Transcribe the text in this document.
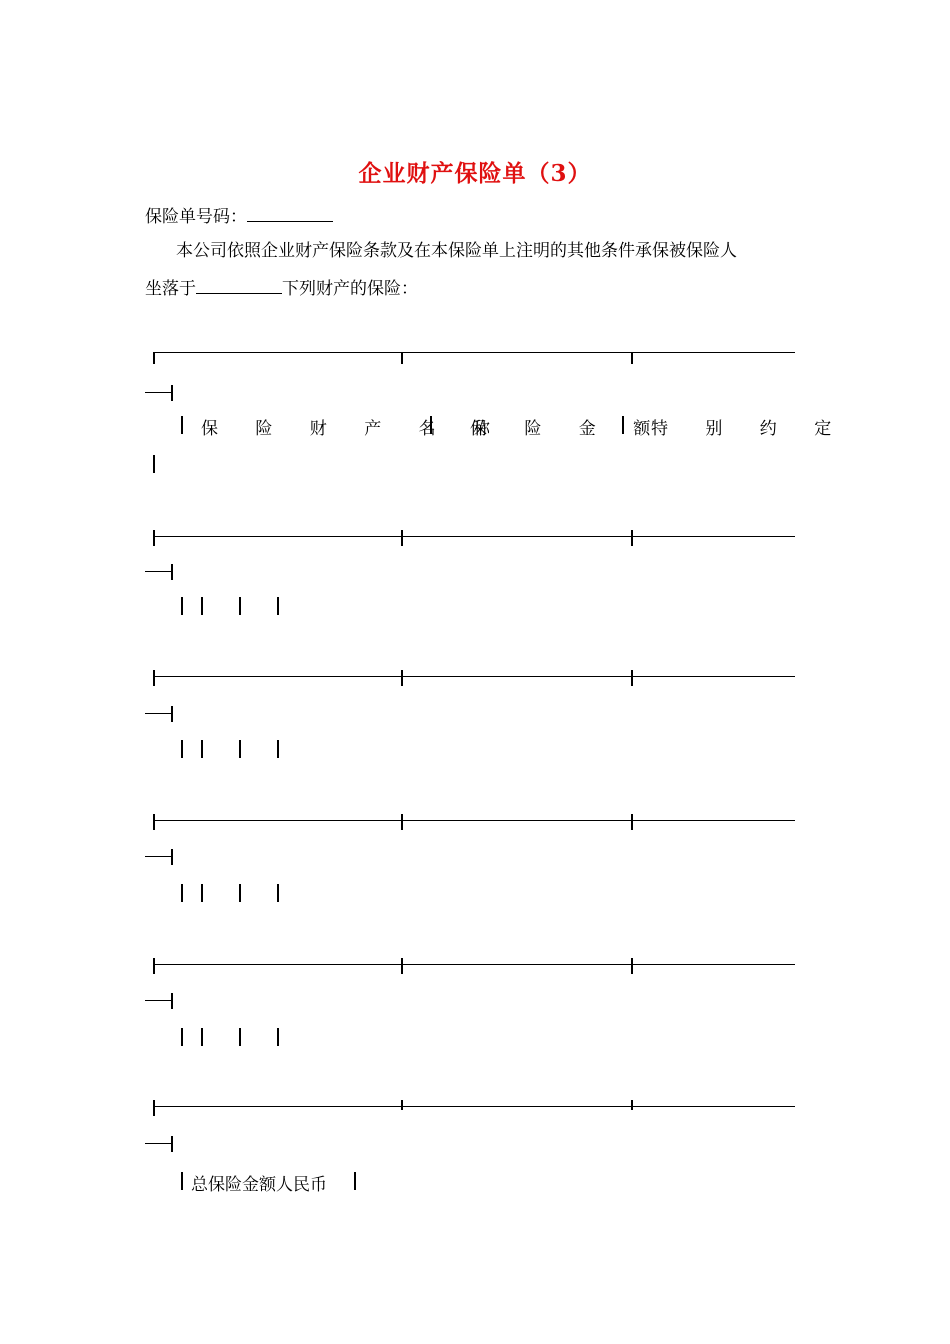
企业财产保险单（3）
保险单号码：
本公司依照企业财产保险条款及在本保险单上注明的其他条件承保被保险人
坐落于	下列财产的保险：
保 险 财 产 名 称
保 险 金 额
特 别 约 定
总保险金额人民币
